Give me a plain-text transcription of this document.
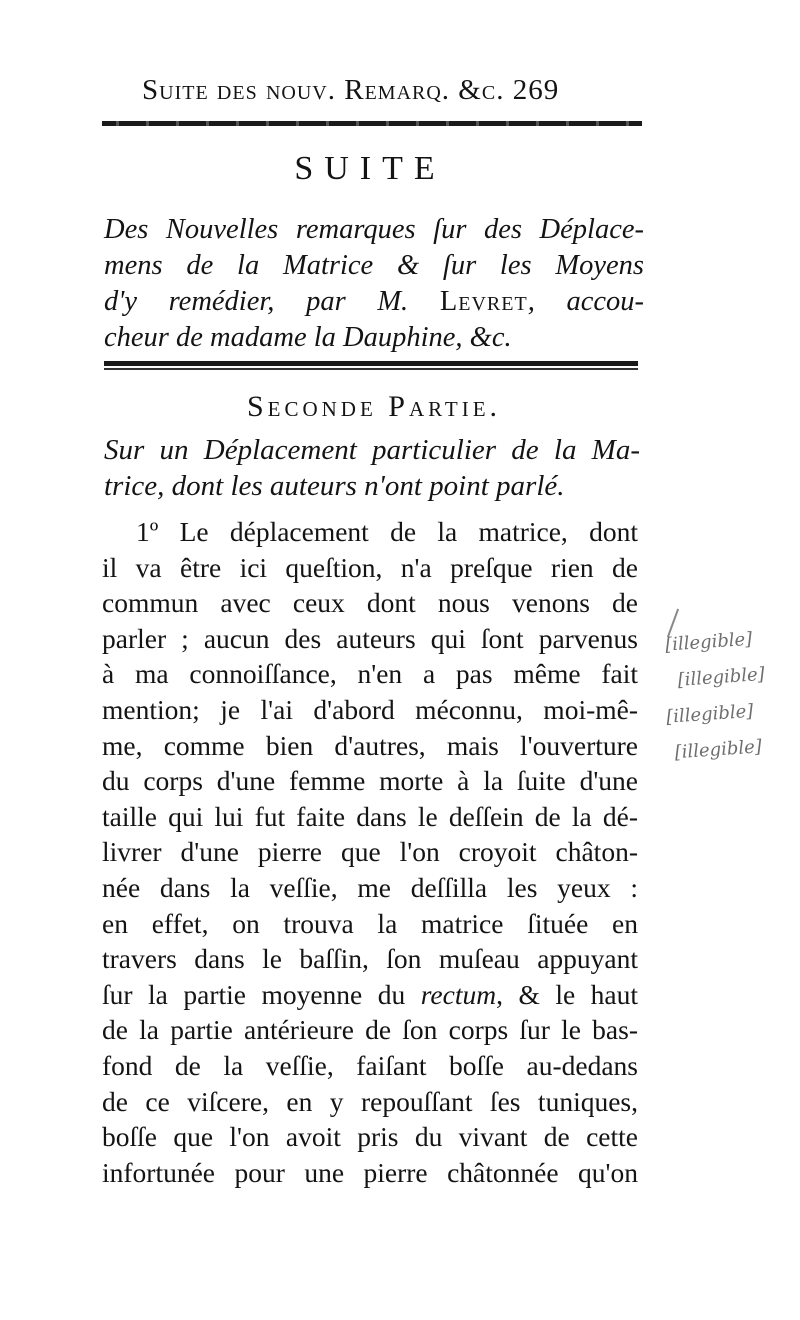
Suite des nouv. Remarq. &c. 269
SUITE
Des Nouvelles remarques ſur des Déplace-
mens de la Matrice & ſur les Moyens
d'y remédier, par M. Levret, accou-
cheur de madame la Dauphine, &c.
Seconde Partie.
Sur un Déplacement particulier de la Ma-
trice, dont les auteurs n'ont point parlé.
1º Le déplacement de la matrice, dont
il va être ici queſtion, n'a preſque rien de
commun avec ceux dont nous venons de
parler ; aucun des auteurs qui ſont parvenus
à ma connoiſſance, n'en a pas même fait
mention; je l'ai d'abord méconnu, moi-mê-
me, comme bien d'autres, mais l'ouverture
du corps d'une femme morte à la ſuite d'une
taille qui lui fut faite dans le deſſein de la dé-
livrer d'une pierre que l'on croyoit châton-
née dans la veſſie, me deſſilla les yeux :
en effet, on trouva la matrice ſituée en
travers dans le baſſin, ſon muſeau appuyant
ſur la partie moyenne du rectum, & le haut
de la partie antérieure de ſon corps ſur le bas-
fond de la veſſie, faiſant boſſe au-dedans
de ce viſcere, en y repouſſant ſes tuniques,
boſſe que l'on avoit pris du vivant de cette
infortunée pour une pierre châtonnée qu'on
[illegible]
[illegible]
[illegible]
[illegible]
